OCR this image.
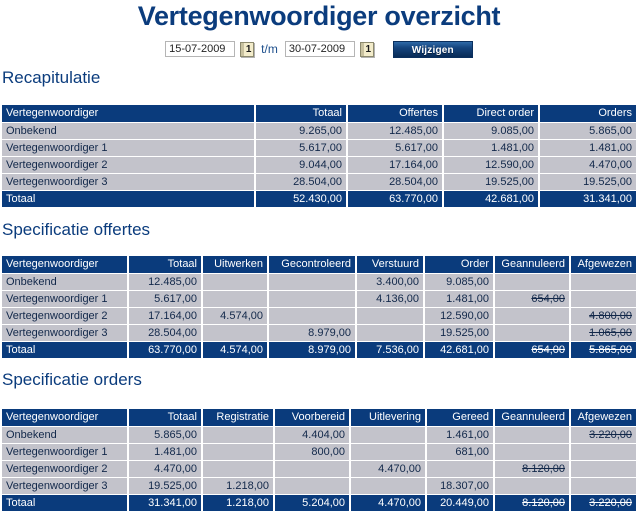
Vertegenwoordiger overzicht
15-07-2009
1 t/m
30-07-2009	1	Wijzigen
Recapitulatie
Vertegenwoordiger	Totaal	Offertes	Direct order	Orders
Onbekend	9.265,00	12.485,00	9.085,00	5.865,00
Vertegenwoordiger 1	5.617,00	5.617,00	1.481,00	1.481,00
Vertegenwoordiger 2	9.044,00	17.164,00	12.590,00	4.470,00
Vertegenwoordiger 3	28.504,00	28.504,00	19.525,00	19.525,00
Totaal	52.430,00	63.770,00	42.681,00	31.341,00
Specificatie offertes
Vertegenwoordiger	Totaal	Uitwerken	Gecontroleerd	Verstuurd	Order	Geannuleerd	Afgewezen
Onbekend	12.485,00			3.400,00	9.085,00		
Vertegenwoordiger 1	5.617,00			4.136,00	1.481,00	654,00	
Vertegenwoordiger 2	17.164,00	4.574,00			12.590,00		4.800,00
Vertegenwoordiger 3	28.504,00		8.979,00		19.525,00		1.065,00
Totaal	63.770,00	4.574,00	8.979,00	7.536,00	42.681,00	654,00	5.865,00
Specificatie orders
Vertegenwoordiger	Totaal	Registratie	Voorbereid	Uitlevering	Gereed	Geannuleerd	Afgewezen
Onbekend	5.865,00		4.404,00		1.461,00		3.220,00
Vertegenwoordiger 1	1.481,00		800,00		681,00		
Vertegenwoordiger 2	4.470,00			4.470,00		8.120,00	
Vertegenwoordiger 3	19.525,00	1.218,00			18.307,00		
Totaal	31.341,00	1.218,00	5.204,00	4.470,00	20.449,00	8.120,00	3.220,00
